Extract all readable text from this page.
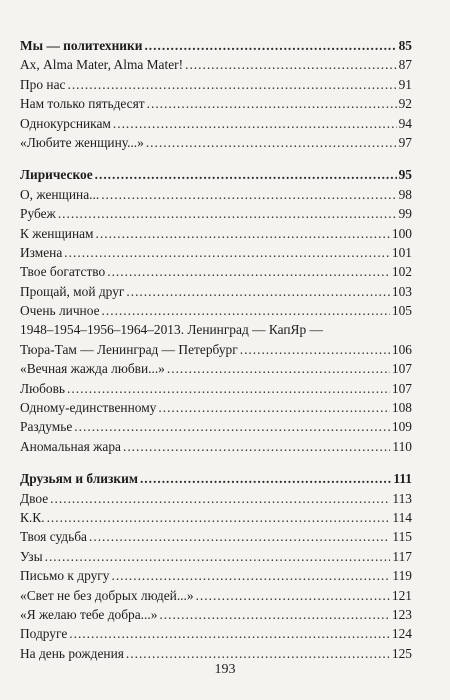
Мы — политехники .....	85
Ах, Alma Mater, Alma Mater! .....	87
Про нас .....	91
Нам только пятьдесят .....	92
Однокурсникам .....	94
«Любите женщину...» .....	97
Лирическое .....	95
О, женщина... .....	98
Рубеж .....	99
К женщинам .....	100
Измена .....	101
Твое богатство .....	102
Прощай, мой друг .....	103
Очень личное .....	105
1948–1954–1956–1964–2013. Ленинград — КапЯр —
Тюра-Там — Ленинград — Петербург .....	106
«Вечная жажда любви...» .....	107
Любовь .....	107
Одному-единственному .....	108
Раздумье .....	109
Аномальная жара .....	110
Друзьям и близким .....	111
Двое .....	113
К.К. .....	114
Твоя судьба .....	115
Узы .....	117
Письмо к другу .....	119
«Свет не без добрых людей...» .....	121
«Я желаю тебе добра...» .....	123
Подруге .....	124
На день рождения .....	125
193
